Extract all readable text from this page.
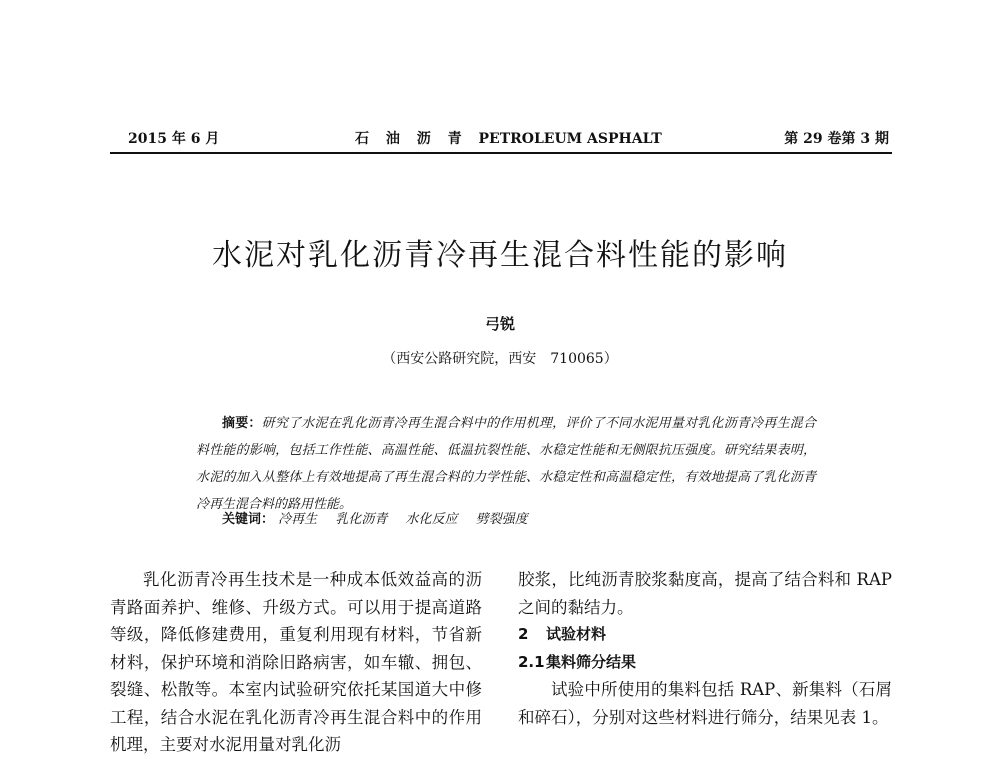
2015 年 6 月	石 油 沥 青 PETROLEUM ASPHALT	第 29 卷第 3 期
水泥对乳化沥青冷再生混合料性能的影响
弓锐
（西安公路研究院，西安　710065）
摘要：研究了水泥在乳化沥青冷再生混合料中的作用机理，评价了不同水泥用量对乳化沥青冷再生混合料性能的影响，包括工作性能、高温性能、低温抗裂性能、水稳定性能和无侧限抗压强度。研究结果表明，水泥的加入从整体上有效地提高了再生混合料的力学性能、水稳定性和高温稳定性，有效地提高了乳化沥青冷再生混合料的路用性能。
关键词： 冷再生 乳化沥青 水化反应 劈裂强度
乳化沥青冷再生技术是一种成本低效益高的沥青路面养护、维修、升级方式。可以用于提高道路等级，降低修建费用，重复利用现有材料，节省新材料，保护环境和消除旧路病害，如车辙、拥包、裂缝、松散等。本室内试验研究依托某国道大中修工程，结合水泥在乳化沥青冷再生混合料中的作用机理，主要对水泥用量对乳化沥

胶浆，比纯沥青胶浆黏度高，提高了结合料和 RAP 之间的黏结力。

2 试验材料

2.1集料筛分结果

试验中所使用的集料包括 RAP、新集料（石屑和碎石），分别对这些材料进行筛分，结果见表 1。
